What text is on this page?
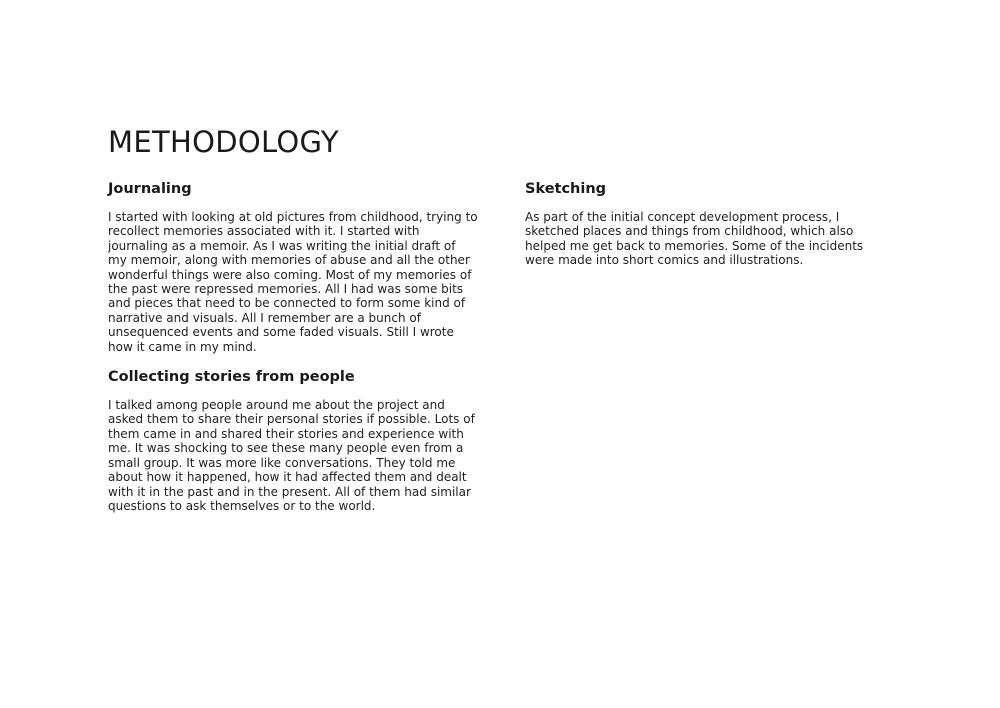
METHODOLOGY
Journaling

I started with looking at old pictures from childhood, trying to recollect memories associated with it. I started with journaling as a memoir. As I was writing the initial draft of my memoir, along with memories of abuse and all the other wonderful things were also coming. Most of my memories of the past were repressed memories. All I had was some bits and pieces that need to be connected to form some kind of narrative and visuals. All I remember are a bunch of unsequenced events and some faded visuals. Still I wrote how it came in my mind.

Collecting stories from people

I talked among people around me about the project and asked them to share their personal stories if possible. Lots of them came in and shared their stories and experience with me. It was shocking to see these many people even from a small group. It was more like conversations. They told me about how it happened, how it had affected them and dealt with it in the past and in the present. All of them had similar questions to ask themselves or to the world.

Sketching

As part of the initial concept development process, I sketched places and things from childhood, which also helped me get back to memories. Some of the incidents were made into short comics and illustrations.
